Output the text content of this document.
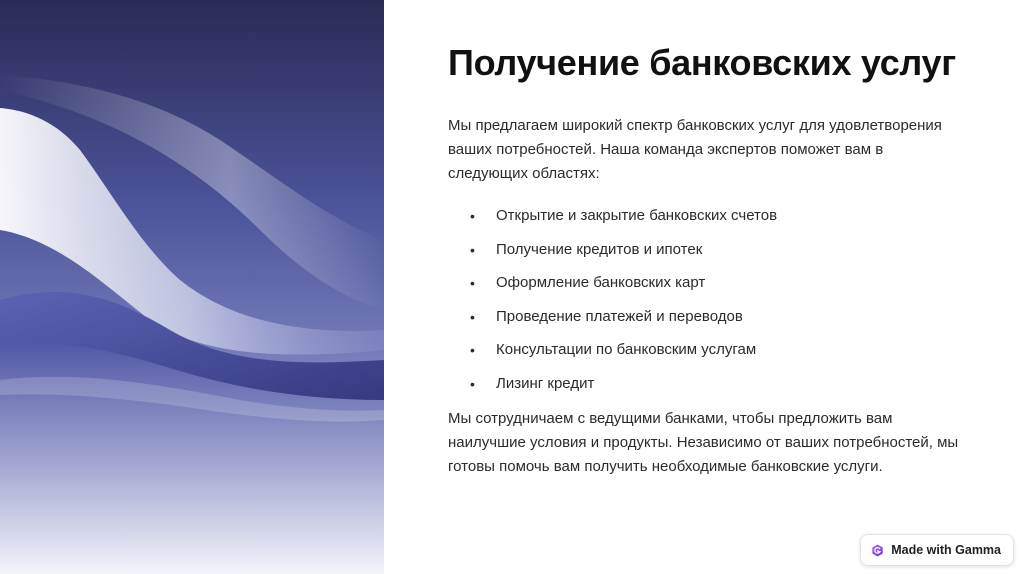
Получение банковских услуг

Мы предлагаем широкий спектр банковских услуг для удовлетворения ваших потребностей. Наша команда экспертов поможет вам в следующих областях:

• Открытие и закрытие банковских счетов
• Получение кредитов и ипотек
• Оформление банковских карт
• Проведение платежей и переводов
• Консультации по банковским услугам
• Лизинг кредит

Мы сотрудничаем с ведущими банками, чтобы предложить вам наилучшие условия и продукты. Независимо от ваших потребностей, мы готовы помочь вам получить необходимые банковские услуги.

Made with Gamma
